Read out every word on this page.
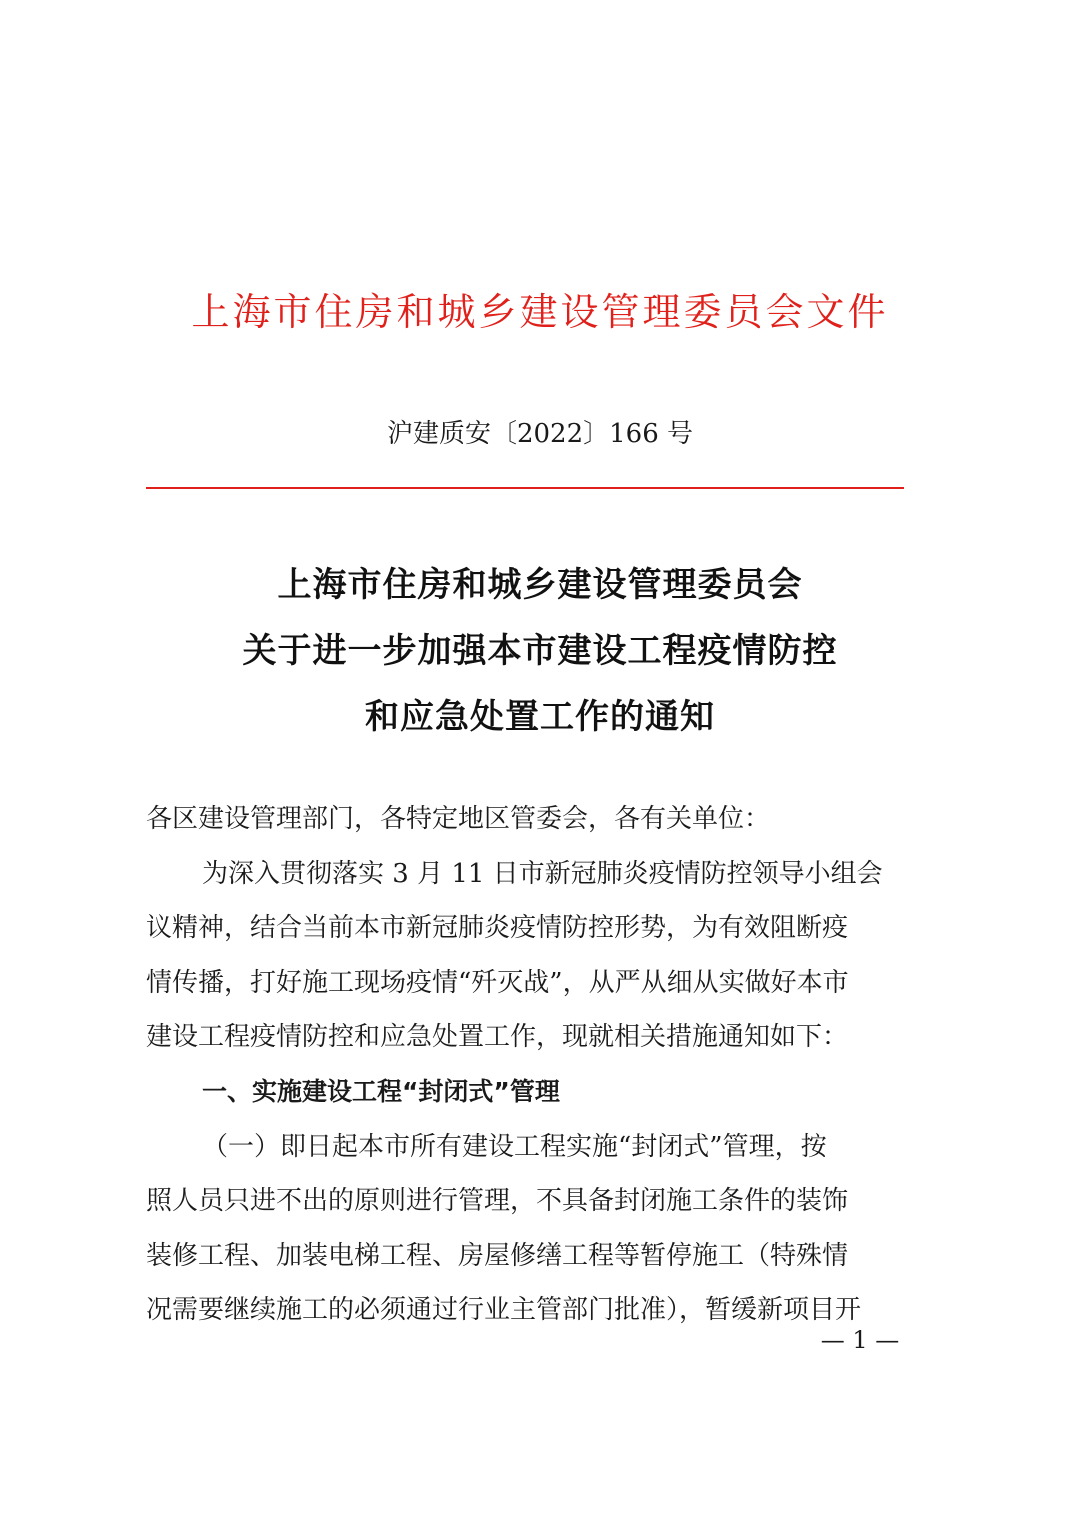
上海市住房和城乡建设管理委员会文件
沪建质安〔2022〕166 号
上海市住房和城乡建设管理委员会
关于进一步加强本市建设工程疫情防控
和应急处置工作的通知
各区建设管理部门，各特定地区管委会，各有关单位：
为深入贯彻落实 3 月 11 日市新冠肺炎疫情防控领导小组会
议精神，结合当前本市新冠肺炎疫情防控形势，为有效阻断疫
情传播，打好施工现场疫情“歼灭战”，从严从细从实做好本市
建设工程疫情防控和应急处置工作，现就相关措施通知如下：
一、实施建设工程“封闭式”管理
（一）即日起本市所有建设工程实施“封闭式”管理，按
照人员只进不出的原则进行管理，不具备封闭施工条件的装饰
装修工程、加装电梯工程、房屋修缮工程等暂停施工（特殊情
况需要继续施工的必须通过行业主管部门批准），暂缓新项目开
— 1 —
